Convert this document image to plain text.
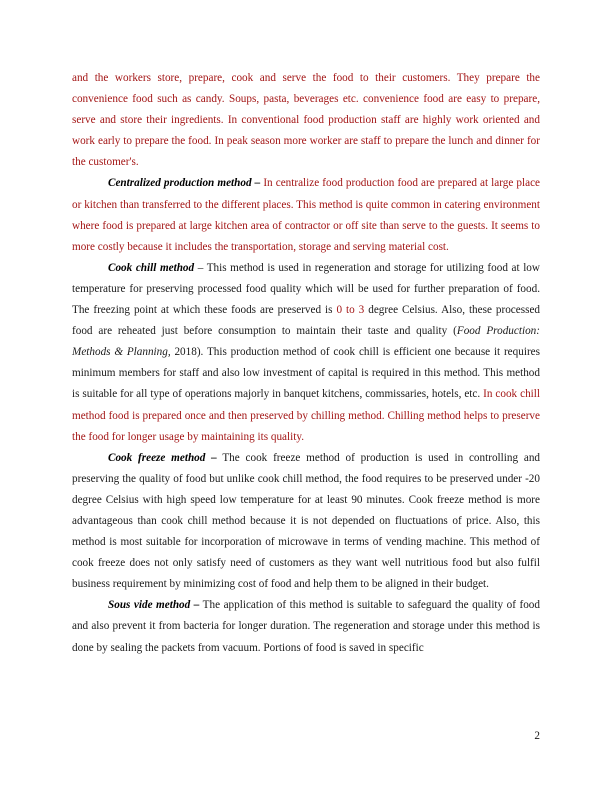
and the workers store, prepare, cook and serve the food to their customers. They prepare the convenience food such as candy. Soups, pasta, beverages etc. convenience food are easy to prepare, serve and store their ingredients. In conventional food production staff are highly work oriented and work early to prepare the food. In peak season more worker are staff to prepare the lunch and dinner for the customer's.

Centralized production method – In centralize food production food are prepared at large place or kitchen than transferred to the different places. This method is quite common in catering environment where food is prepared at large kitchen area of contractor or off site than serve to the guests. It seems to more costly because it includes the transportation, storage and serving material cost.

Cook chill method – This method is used in regeneration and storage for utilizing food at low temperature for preserving processed food quality which will be used for further preparation of food. The freezing point at which these foods are preserved is 0 to 3 degree Celsius. Also, these processed food are reheated just before consumption to maintain their taste and quality (Food Production: Methods & Planning, 2018). This production method of cook chill is efficient one because it requires minimum members for staff and also low investment of capital is required in this method. This method is suitable for all type of operations majorly in banquet kitchens, commissaries, hotels, etc. In cook chill method food is prepared once and then preserved by chilling method. Chilling method helps to preserve the food for longer usage by maintaining its quality.

Cook freeze method – The cook freeze method of production is used in controlling and preserving the quality of food but unlike cook chill method, the food requires to be preserved under -20 degree Celsius with high speed low temperature for at least 90 minutes. Cook freeze method is more advantageous than cook chill method because it is not depended on fluctuations of price. Also, this method is most suitable for incorporation of microwave in terms of vending machine. This method of cook freeze does not only satisfy need of customers as they want well nutritious food but also fulfil business requirement by minimizing cost of food and help them to be aligned in their budget.

Sous vide method – The application of this method is suitable to safeguard the quality of food and also prevent it from bacteria for longer duration. The regeneration and storage under this method is done by sealing the packets from vacuum. Portions of food is saved in specific

2
